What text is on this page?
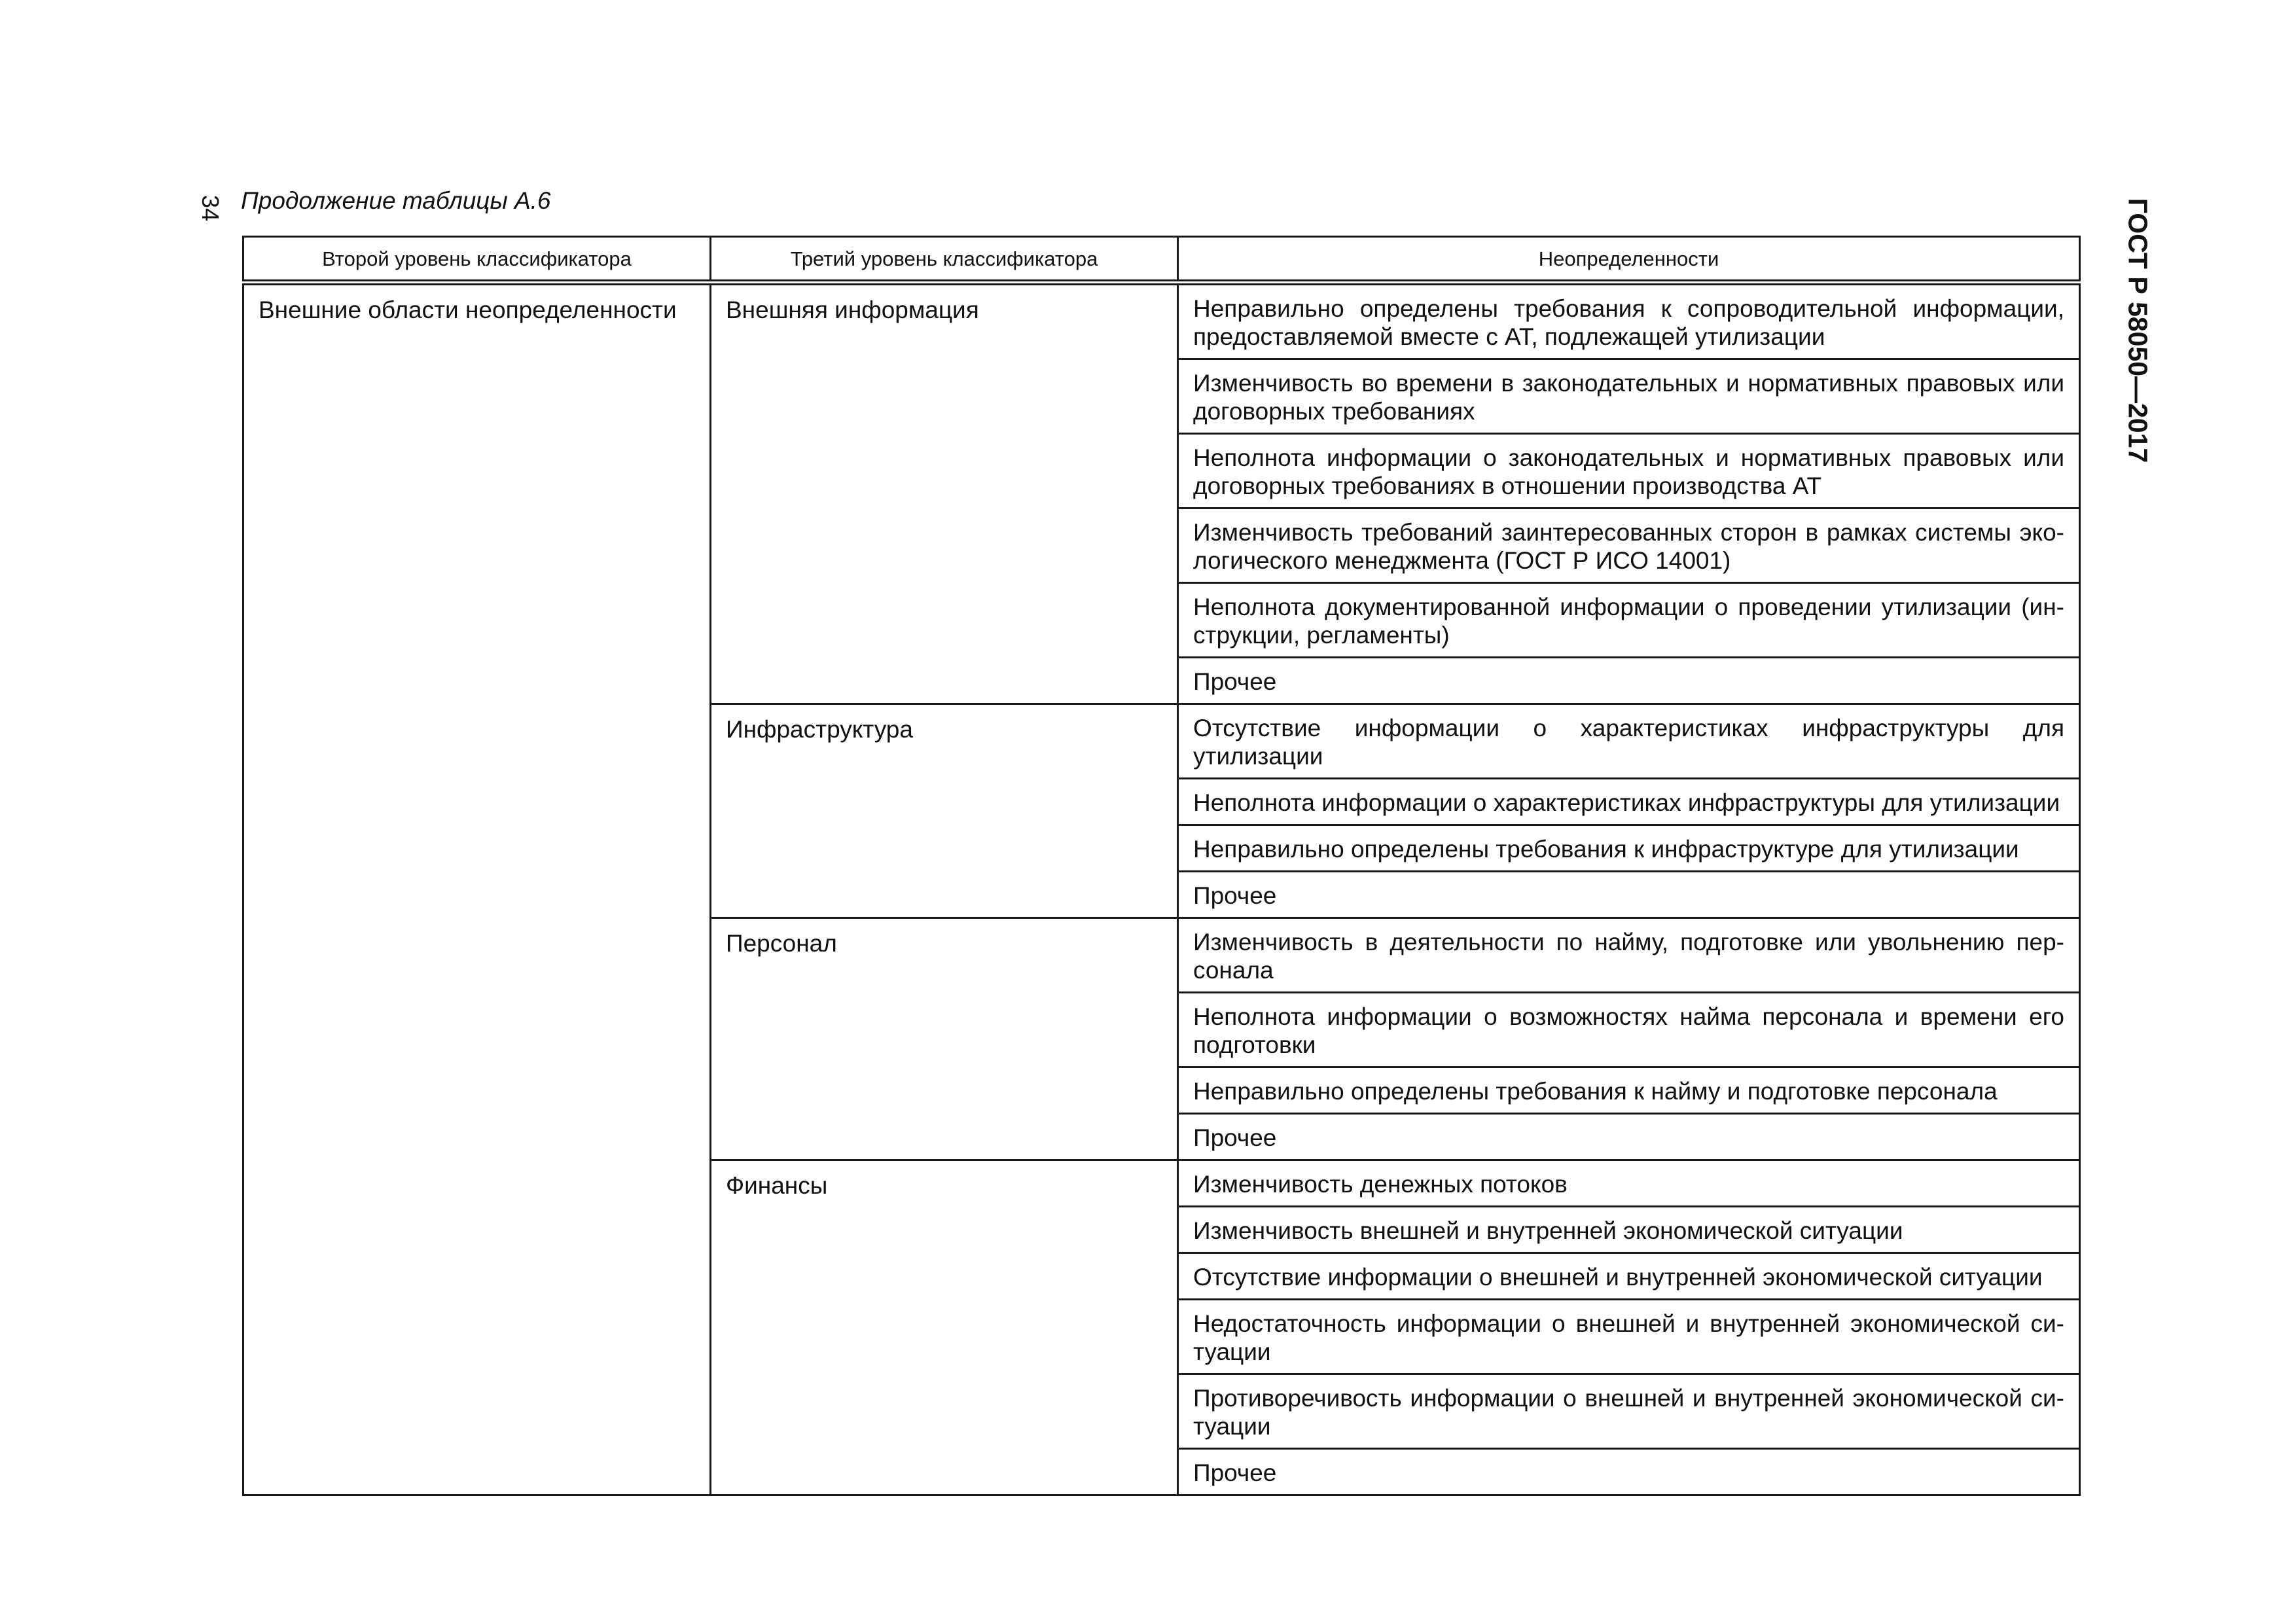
34 Продолжение таблицы А.6	ГОСТ Р 58050—2017
Второй уровень классификатора	Третий уровень классификатора	Неопределенности
Внешние области неопределенности	Внешняя информация	Неправильно определены требования к сопроводительной информации, предоставляемой вместе с АТ, подлежащей утилизации
		Изменчивость во времени в законодательных и нормативных правовых или договорных требованиях
		Неполнота информации о законодательных и нормативных правовых или договорных требованиях в отношении производства АТ
		Изменчивость требований заинтересованных сторон в рамках системы экологического менеджмента (ГОСТ Р ИСО 14001)
		Неполнота документированной информации о проведении утилизации (инструкции, регламенты)
		Прочее
	Инфраструктура	Отсутствие информации о характеристиках инфраструктуры для утилизации
		Неполнота информации о характеристиках инфраструктуры для утилизации
		Неправильно определены требования к инфраструктуре для утилизации
		Прочее
	Персонал	Изменчивость в деятельности по найму, подготовке или увольнению персонала
		Неполнота информации о возможностях найма персонала и времени его подготовки
		Неправильно определены требования к найму и подготовке персонала
		Прочее
	Финансы	Изменчивость денежных потоков
		Изменчивость внешней и внутренней экономической ситуации
		Отсутствие информации о внешней и внутренней экономической ситуации
		Недостаточность информации о внешней и внутренней экономической ситуации
		Противоречивость информации о внешней и внутренней экономической ситуации
		Прочее
